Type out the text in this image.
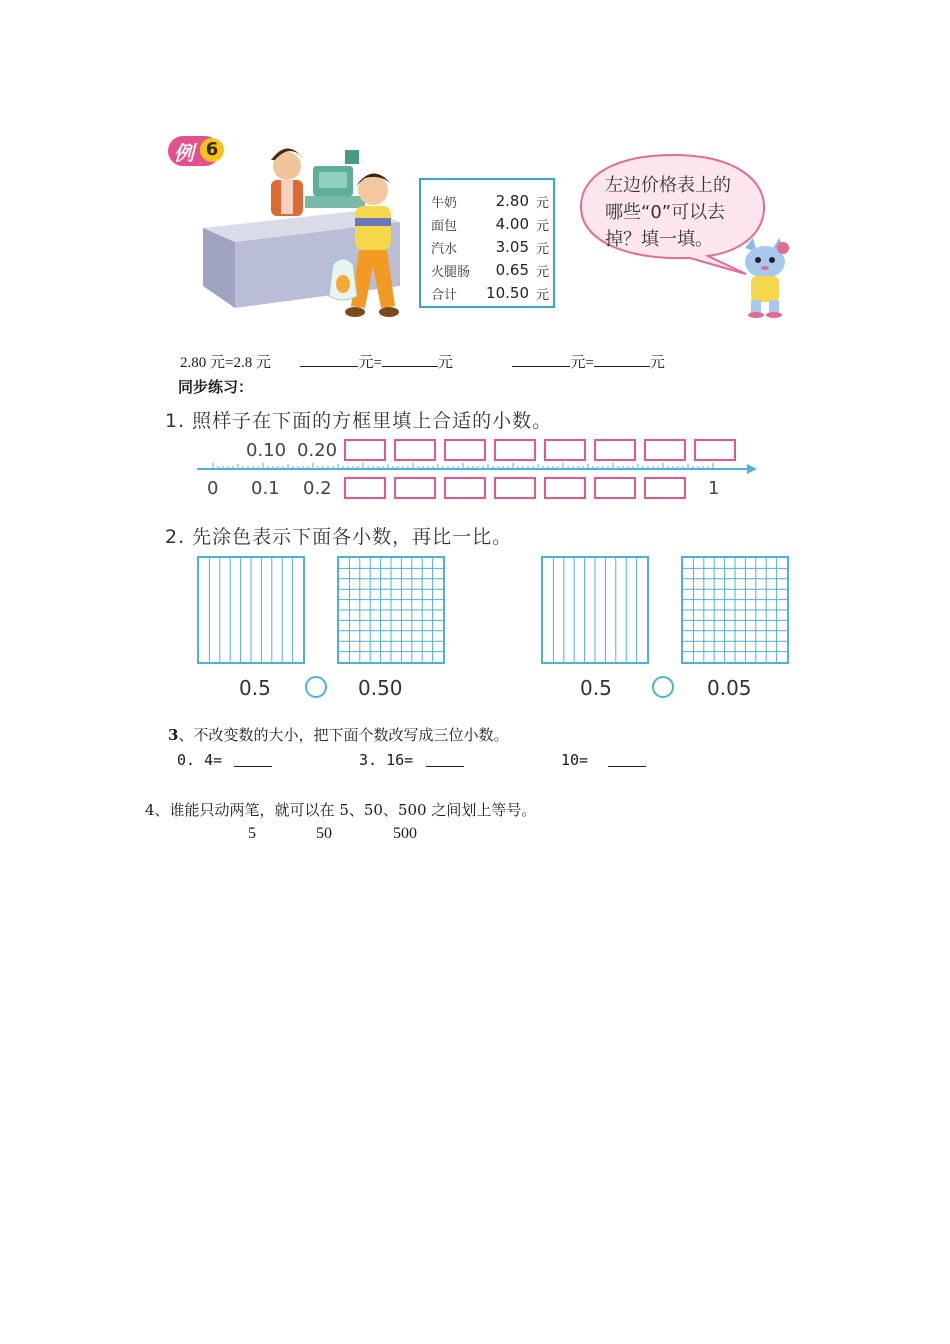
例 6
牛奶	2.80 元
面包	4.00 元
汽水	3.05 元
火腿肠 0.65 元
合计 10.50 元
左边价格表上的
哪些“0”可以去
掉？填一填。
2.80 元=2.8 元	元=	元	元=	元
同步练习：
1. 照样子在下面的方框里填上合适的小数。
0.10 0.20
0 0.1 0.2	1
2. 先涂色表示下面各小数，再比一比。
0.5	0.50	0.5	0.05
3、不改变数的大小，把下面个数改写成三位小数。
0. 4=	3. 16=	10=
4、谁能只动两笔，就可以在 5、50、500 之间划上等号。
5	50	500
